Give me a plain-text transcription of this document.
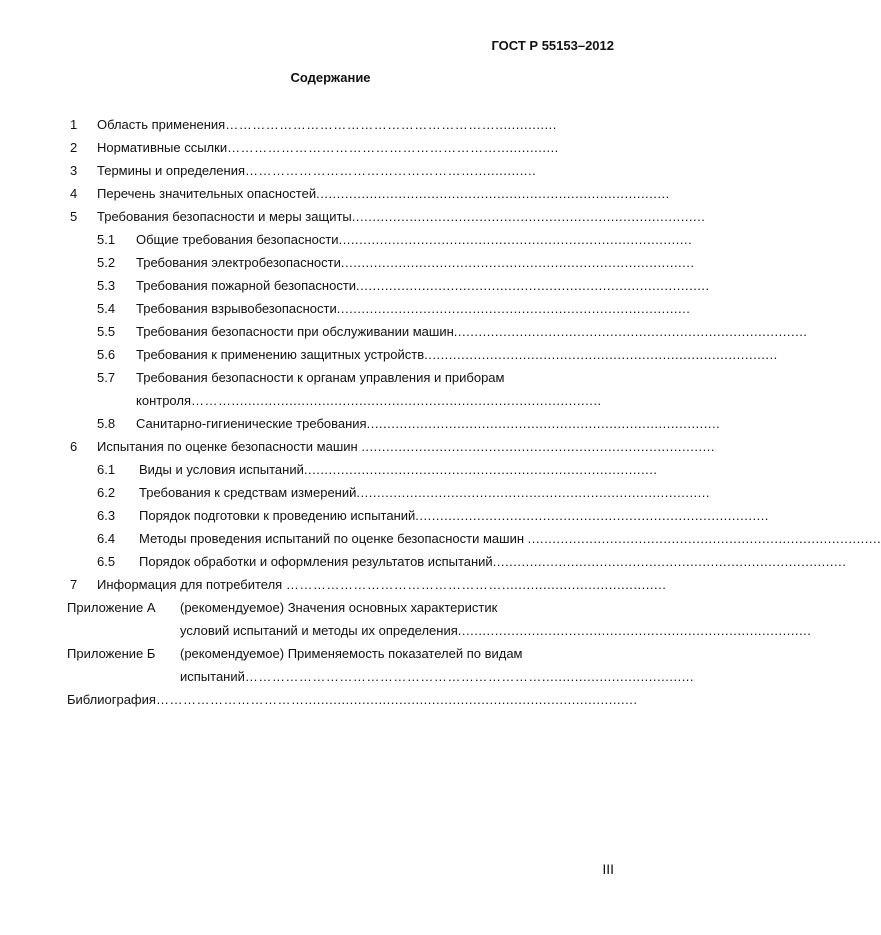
ГОСТ Р 55153–2012
Содержание
1 Область применения……………………………………………………...............
2 Нормативные ссылки……………………………………………………...............
3 Термины и определения……………………………………………...............
4 Перечень значительных опасностей......................................................................................
5 Требования безопасности и меры защиты......................................................................................
5.1 Общие требования безопасности......................................................................................
5.2 Требования электробезопасности......................................................................................
5.3 Требования пожарной безопасности......................................................................................
5.4 Требования взрывобезопасности......................................................................................
5.5 Требования безопасности при обслуживании машин......................................................................................
5.6 Требования к применению защитных устройств......................................................................................
5.7 Требования безопасности к органам управления и приборам
контроля………..........................................................................................
5.8 Санитарно-гигиенические требования......................................................................................
6 Испытания по оценке безопасности машин ......................................................................................
6.1 Виды и условия испытаний......................................................................................
6.2 Требования к средствам измерений......................................................................................
6.3 Порядок подготовки к проведению испытаний......................................................................................
6.4 Методы проведения испытаний по оценке безопасности машин ......................................................................................
6.5 Порядок обработки и оформления результатов испытаний......................................................................................
7 Информация для потребителя …………………………………………........................................
Приложение А (рекомендуемое) Значения основных характеристик
условий испытаний и методы их определения......................................................................................
Приложение Б (рекомендуемое) Применяемость показателей по видам
испытаний………………………………………………………….....................................
Библиография…………………………….................................................................................
III
